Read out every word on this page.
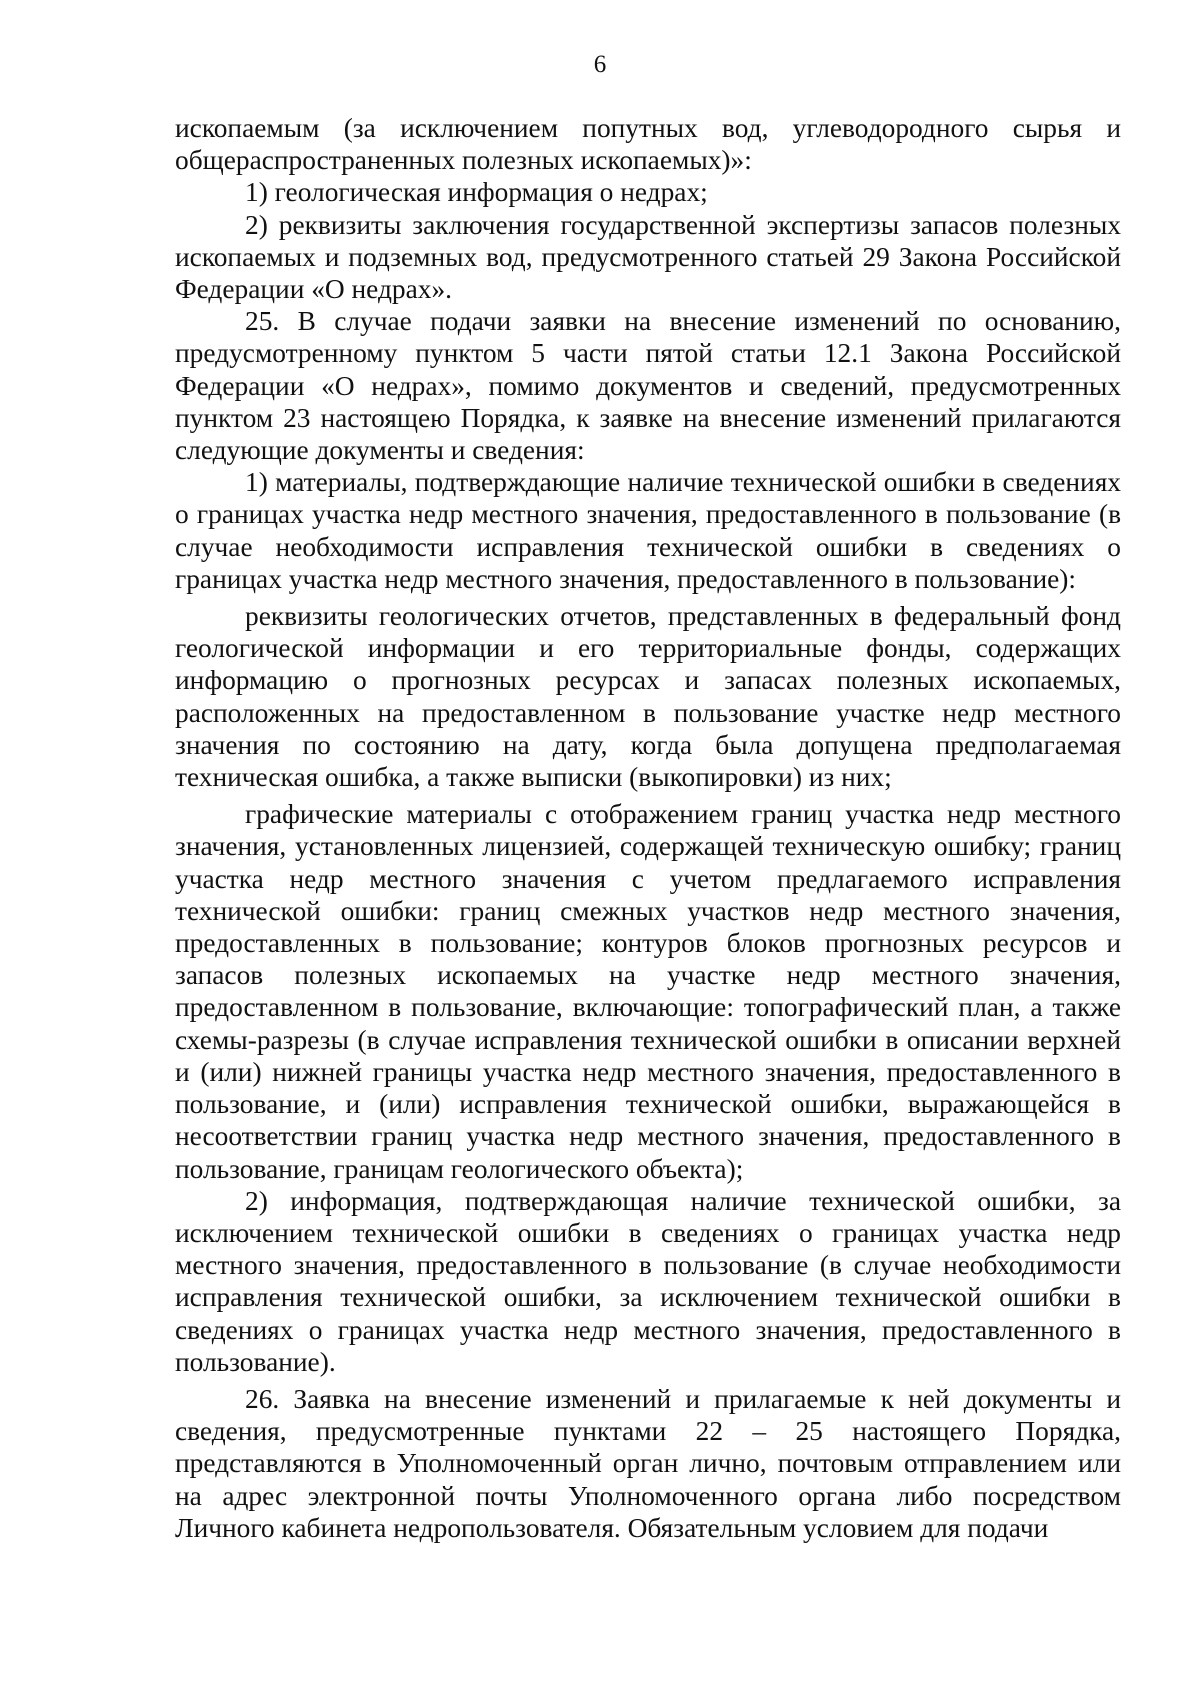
6

ископаемым (за исключением попутных вод, углеводородного сырья и общераспространенных полезных ископаемых)»:

1) геологическая информация о недрах;

2) реквизиты заключения государственной экспертизы запасов полезных ископаемых и подземных вод, предусмотренного статьей 29 Закона Российской Федерации «О недрах».

25. В случае подачи заявки на внесение изменений по основанию, предусмотренному пунктом 5 части пятой статьи 12.1 Закона Российской Федерации «О недрах», помимо документов и сведений, предусмотренных пунктом 23 настоящею Порядка, к заявке на внесение изменений прилагаются следующие документы и сведения:

1) материалы, подтверждающие наличие технической ошибки в сведениях о границах участка недр местного значения, предоставленного в пользование (в случае необходимости исправления технической ошибки в сведениях о границах участка недр местного значения, предоставленного в пользование):

реквизиты геологических отчетов, представленных в федеральный фонд геологической информации и его территориальные фонды, содержащих информацию о прогнозных ресурсах и запасах полезных ископаемых, расположенных на предоставленном в пользование участке недр местного значения по состоянию на дату, когда была допущена предполагаемая техническая ошибка, а также выписки (выкопировки) из них;

графические материалы с отображением границ участка недр местного значения, установленных лицензией, содержащей техническую ошибку; границ участка недр местного значения с учетом предлагаемого исправления технической ошибки: границ смежных участков недр местного значения, предоставленных в пользование; контуров блоков прогнозных ресурсов и запасов полезных ископаемых на участке недр местного значения, предоставленном в пользование, включающие: топографический план, а также схемы-разрезы (в случае исправления технической ошибки в описании верхней и (или) нижней границы участка недр местного значения, предоставленного в пользование, и (или) исправления технической ошибки, выражающейся в несоответствии границ участка недр местного значения, предоставленного в пользование, границам геологического объекта);

2) информация, подтверждающая наличие технической ошибки, за исключением технической ошибки в сведениях о границах участка недр местного значения, предоставленного в пользование (в случае необходимости исправления технической ошибки, за исключением технической ошибки в сведениях о границах участка недр местного значения, предоставленного в пользование).

26. Заявка на внесение изменений и прилагаемые к ней документы и сведения, предусмотренные пунктами 22 – 25 настоящего Порядка, представляются в Уполномоченный орган лично, почтовым отправлением или на адрес электронной почты Уполномоченного органа либо посредством Личного кабинета недропользователя. Обязательным условием для подачи
